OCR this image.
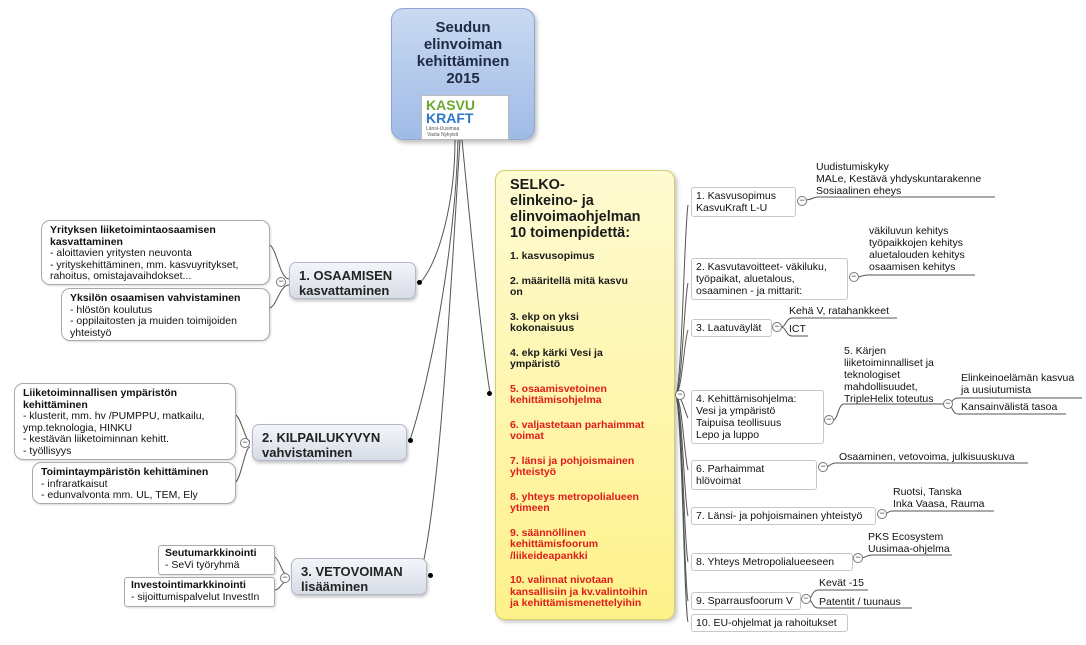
Seudun
elinvoiman
kehittäminen
2015
KASVU
KRAFT
Länsi-Uusimaa
Vasta Nykyisit
Yrityksen liiketoimintaosaamisen kasvattaminen
- aloittavien yritysten neuvonta
- yrityskehittäminen, mm. kasvuyritykset,
rahoitus, omistajavaihdokset...
Yksilön osaamisen vahvistaminen
- hlöstön koulutus
- oppilaitosten ja muiden toimijoiden
yhteistyö
−	1. OSAAMISEN
kasvattaminen
Liiketoiminnallisen ympäristön kehittäminen
- klusterit, mm. hv /PUMPPU, matkailu,
ymp.teknologia, HINKU
- kestävän liiketoiminnan kehitt.
- työllisyys
Toimintaympäristön kehittäminen
- infraratkaisut
- edunvalvonta mm. UL, TEM, Ely
−	2. KILPAILUKYVYN
vahvistaminen
Seutumarkkinointi
- SeVi työryhmä
Investointimarkkinointi
- sijoittumispalvelut InvestIn
−	3. VETOVOIMAN
lisääminen
SELKO-
elinkeino- ja
elinvoimaohjelman
10 toimenpidettä:
1. kasvusopimus
2. määritellä mitä kasvu
on
3. ekp on yksi
kokonaisuus
4. ekp kärki Vesi ja
ympäristö
5. osaamisvetoinen
kehittämisohjelma
6. valjastetaan parhaimmat
voimat
7. länsi ja pohjoismainen
yhteistyö
8. yhteys metropolialueen
ytimeen
9. säännöllinen
kehittämisfoorum
/liikeideapankki
10. valinnat nivotaan
kansallisiin ja kv.valintoihin
ja kehittämismenettelyihin
−
1. Kasvusopimus
KasvuKraft L-U
−
Uudistumiskyky
MALe, Kestävä yhdyskuntarakenne
Sosiaalinen eheys
2. Kasvutavoitteet- väkiluku,
työpaikat, aluetalous,
osaaminen - ja mittarit:
−
väkiluvun kehitys
työpaikkojen kehitys
aluetalouden kehitys
osaamisen kehitys
3. Laatuväylät	−
Kehä V, ratahankkeet
ICT
4. Kehittämisohjelma:
Vesi ja ympäristö
Taipuisa teollisuus
Lepo ja luppo
−
5. Kärjen
liiketoiminnalliset ja
teknologiset
mahdollisuudet,
TripleHelix toteutus	−
Elinkeinoelämän kasvua
ja uusiutumista
Kansainvälistä tasoa
6. Parhaimmat hlövoimat
−
Osaaminen, vetovoima, julkisuuskuva
7. Länsi- ja pohjoismainen yhteistyö	−
Ruotsi, Tanska
Inka Vaasa, Rauma
8. Yhteys Metropolialueeseen	−
PKS Ecosystem
Uusimaa-ohjelma
9. Sparrausfoorum V	−
Kevät -15
Patentit / tuunaus
10. EU-ohjelmat ja rahoitukset
